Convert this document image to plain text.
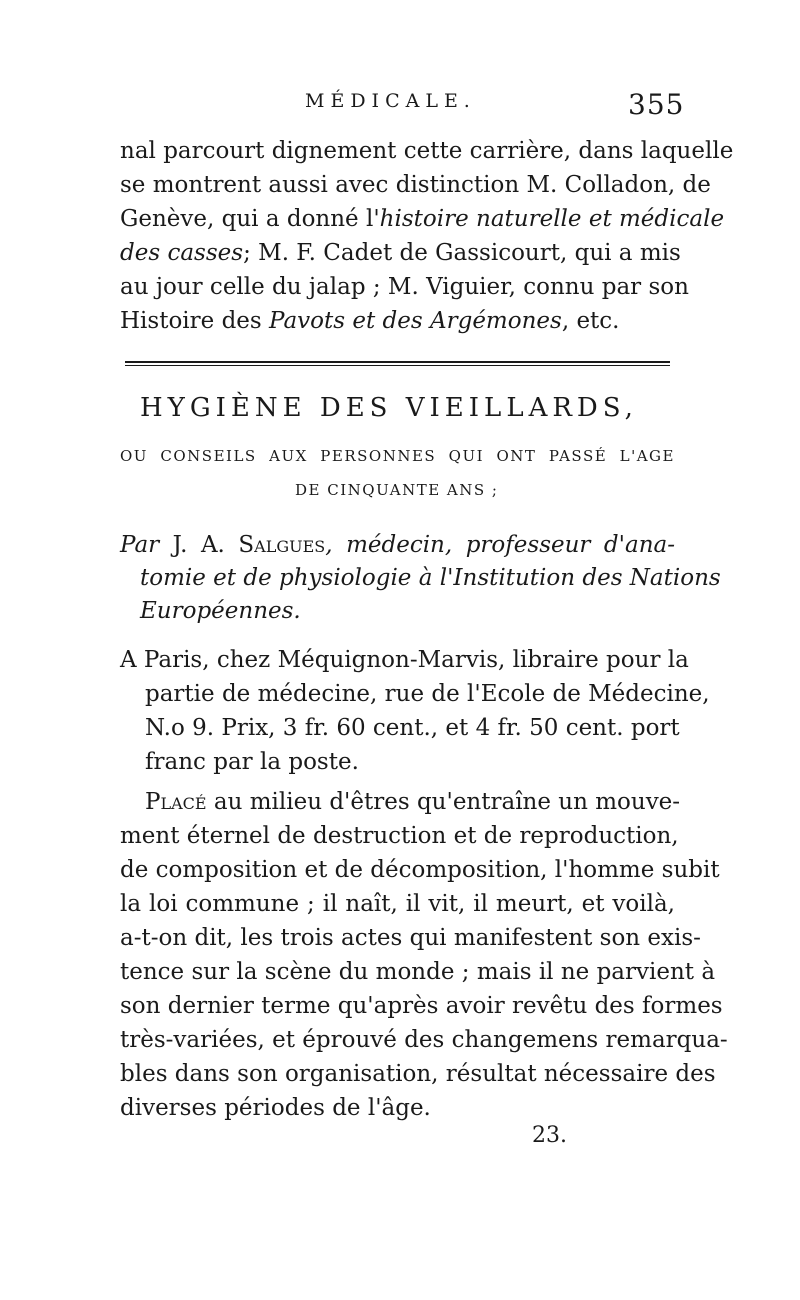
MÉDICALE.	355
nal parcourt dignement cette carrière, dans laquelle
se montrent aussi avec distinction M. Colladon, de
Genève, qui a donné l'histoire naturelle et médicale
des casses; M. F. Cadet de Gassicourt, qui a mis
au jour celle du jalap ; M. Viguier, connu par son
Histoire des Pavots et des Argémones, etc.
HYGIÈNE DES VIEILLARDS,
OU CONSEILS AUX PERSONNES QUI ONT PASSÉ L'AGE
DE CINQUANTE ANS ;
Par J. A. Salgues, médecin, professeur d'ana-
tomie et de physiologie à l'Institution des Nations
Européennes.
A Paris, chez Méquignon-Marvis, libraire pour la
partie de médecine, rue de l'Ecole de Médecine,
N.o 9. Prix, 3 fr. 60 cent., et 4 fr. 50 cent. port
franc par la poste.
Placé au milieu d'êtres qu'entraîne un mouve-
ment éternel de destruction et de reproduction,
de composition et de décomposition, l'homme subit
la loi commune ; il naît, il vit, il meurt, et voilà,
a-t-on dit, les trois actes qui manifestent son exis-
tence sur la scène du monde ; mais il ne parvient à
son dernier terme qu'après avoir revêtu des formes
très-variées, et éprouvé des changemens remarqua-
bles dans son organisation, résultat nécessaire des
diverses périodes de l'âge.
23.
